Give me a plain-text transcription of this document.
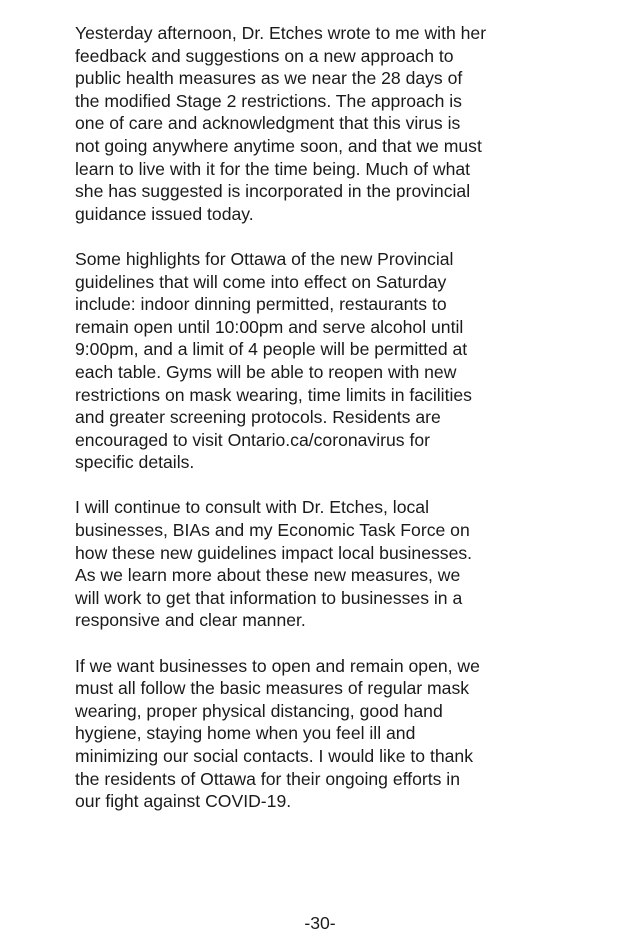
Yesterday afternoon, Dr. Etches wrote to me with her
feedback and suggestions on a new approach to
public health measures as we near the 28 days of
the modified Stage 2 restrictions. The approach is
one of care and acknowledgment that this virus is
not going anywhere anytime soon, and that we must
learn to live with it for the time being. Much of what
she has suggested is incorporated in the provincial
guidance issued today.

Some highlights for Ottawa of the new Provincial
guidelines that will come into effect on Saturday
include: indoor dinning permitted, restaurants to
remain open until 10:00pm and serve alcohol until
9:00pm, and a limit of 4 people will be permitted at
each table. Gyms will be able to reopen with new
restrictions on mask wearing, time limits in facilities
and greater screening protocols. Residents are
encouraged to visit Ontario.ca/coronavirus for
specific details.

I will continue to consult with Dr. Etches, local
businesses, BIAs and my Economic Task Force on
how these new guidelines impact local businesses.
As we learn more about these new measures, we
will work to get that information to businesses in a
responsive and clear manner.

If we want businesses to open and remain open, we
must all follow the basic measures of regular mask
wearing, proper physical distancing, good hand
hygiene, staying home when you feel ill and
minimizing our social contacts. I would like to thank
the residents of Ottawa for their ongoing efforts in
our fight against COVID-19.

-30-
